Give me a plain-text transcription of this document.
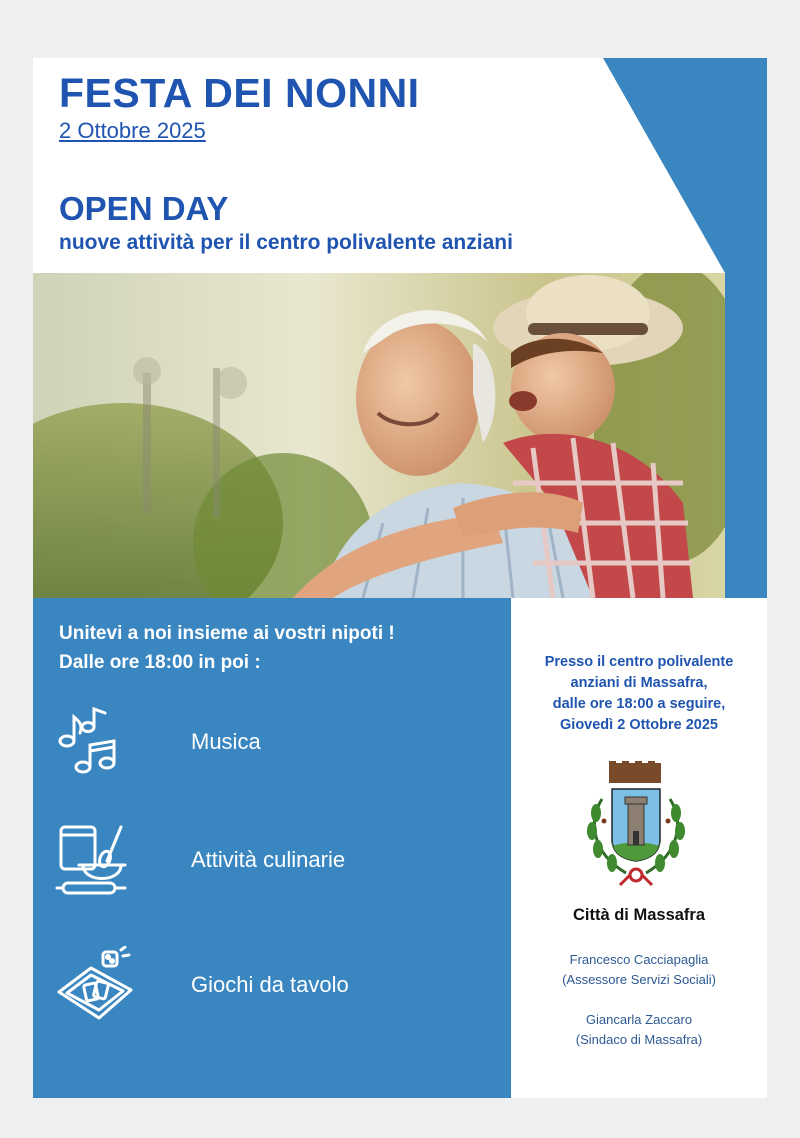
FESTA DEI NONNI
2 Ottobre 2025
OPEN DAY
nuove attività per il centro polivalente anziani
Unitevi a noi insieme ai vostri nipoti !
Dalle ore 18:00 in poi :
Musica
Attività culinarie
Giochi da tavolo
Presso il centro polivalente
anziani di Massafra,
dalle ore 18:00 a seguire,
Giovedì 2 Ottobre 2025
Città di Massafra
Francesco Cacciapaglia
(Assessore Servizi Sociali)
Giancarla Zaccaro
(Sindaco di Massafra)
